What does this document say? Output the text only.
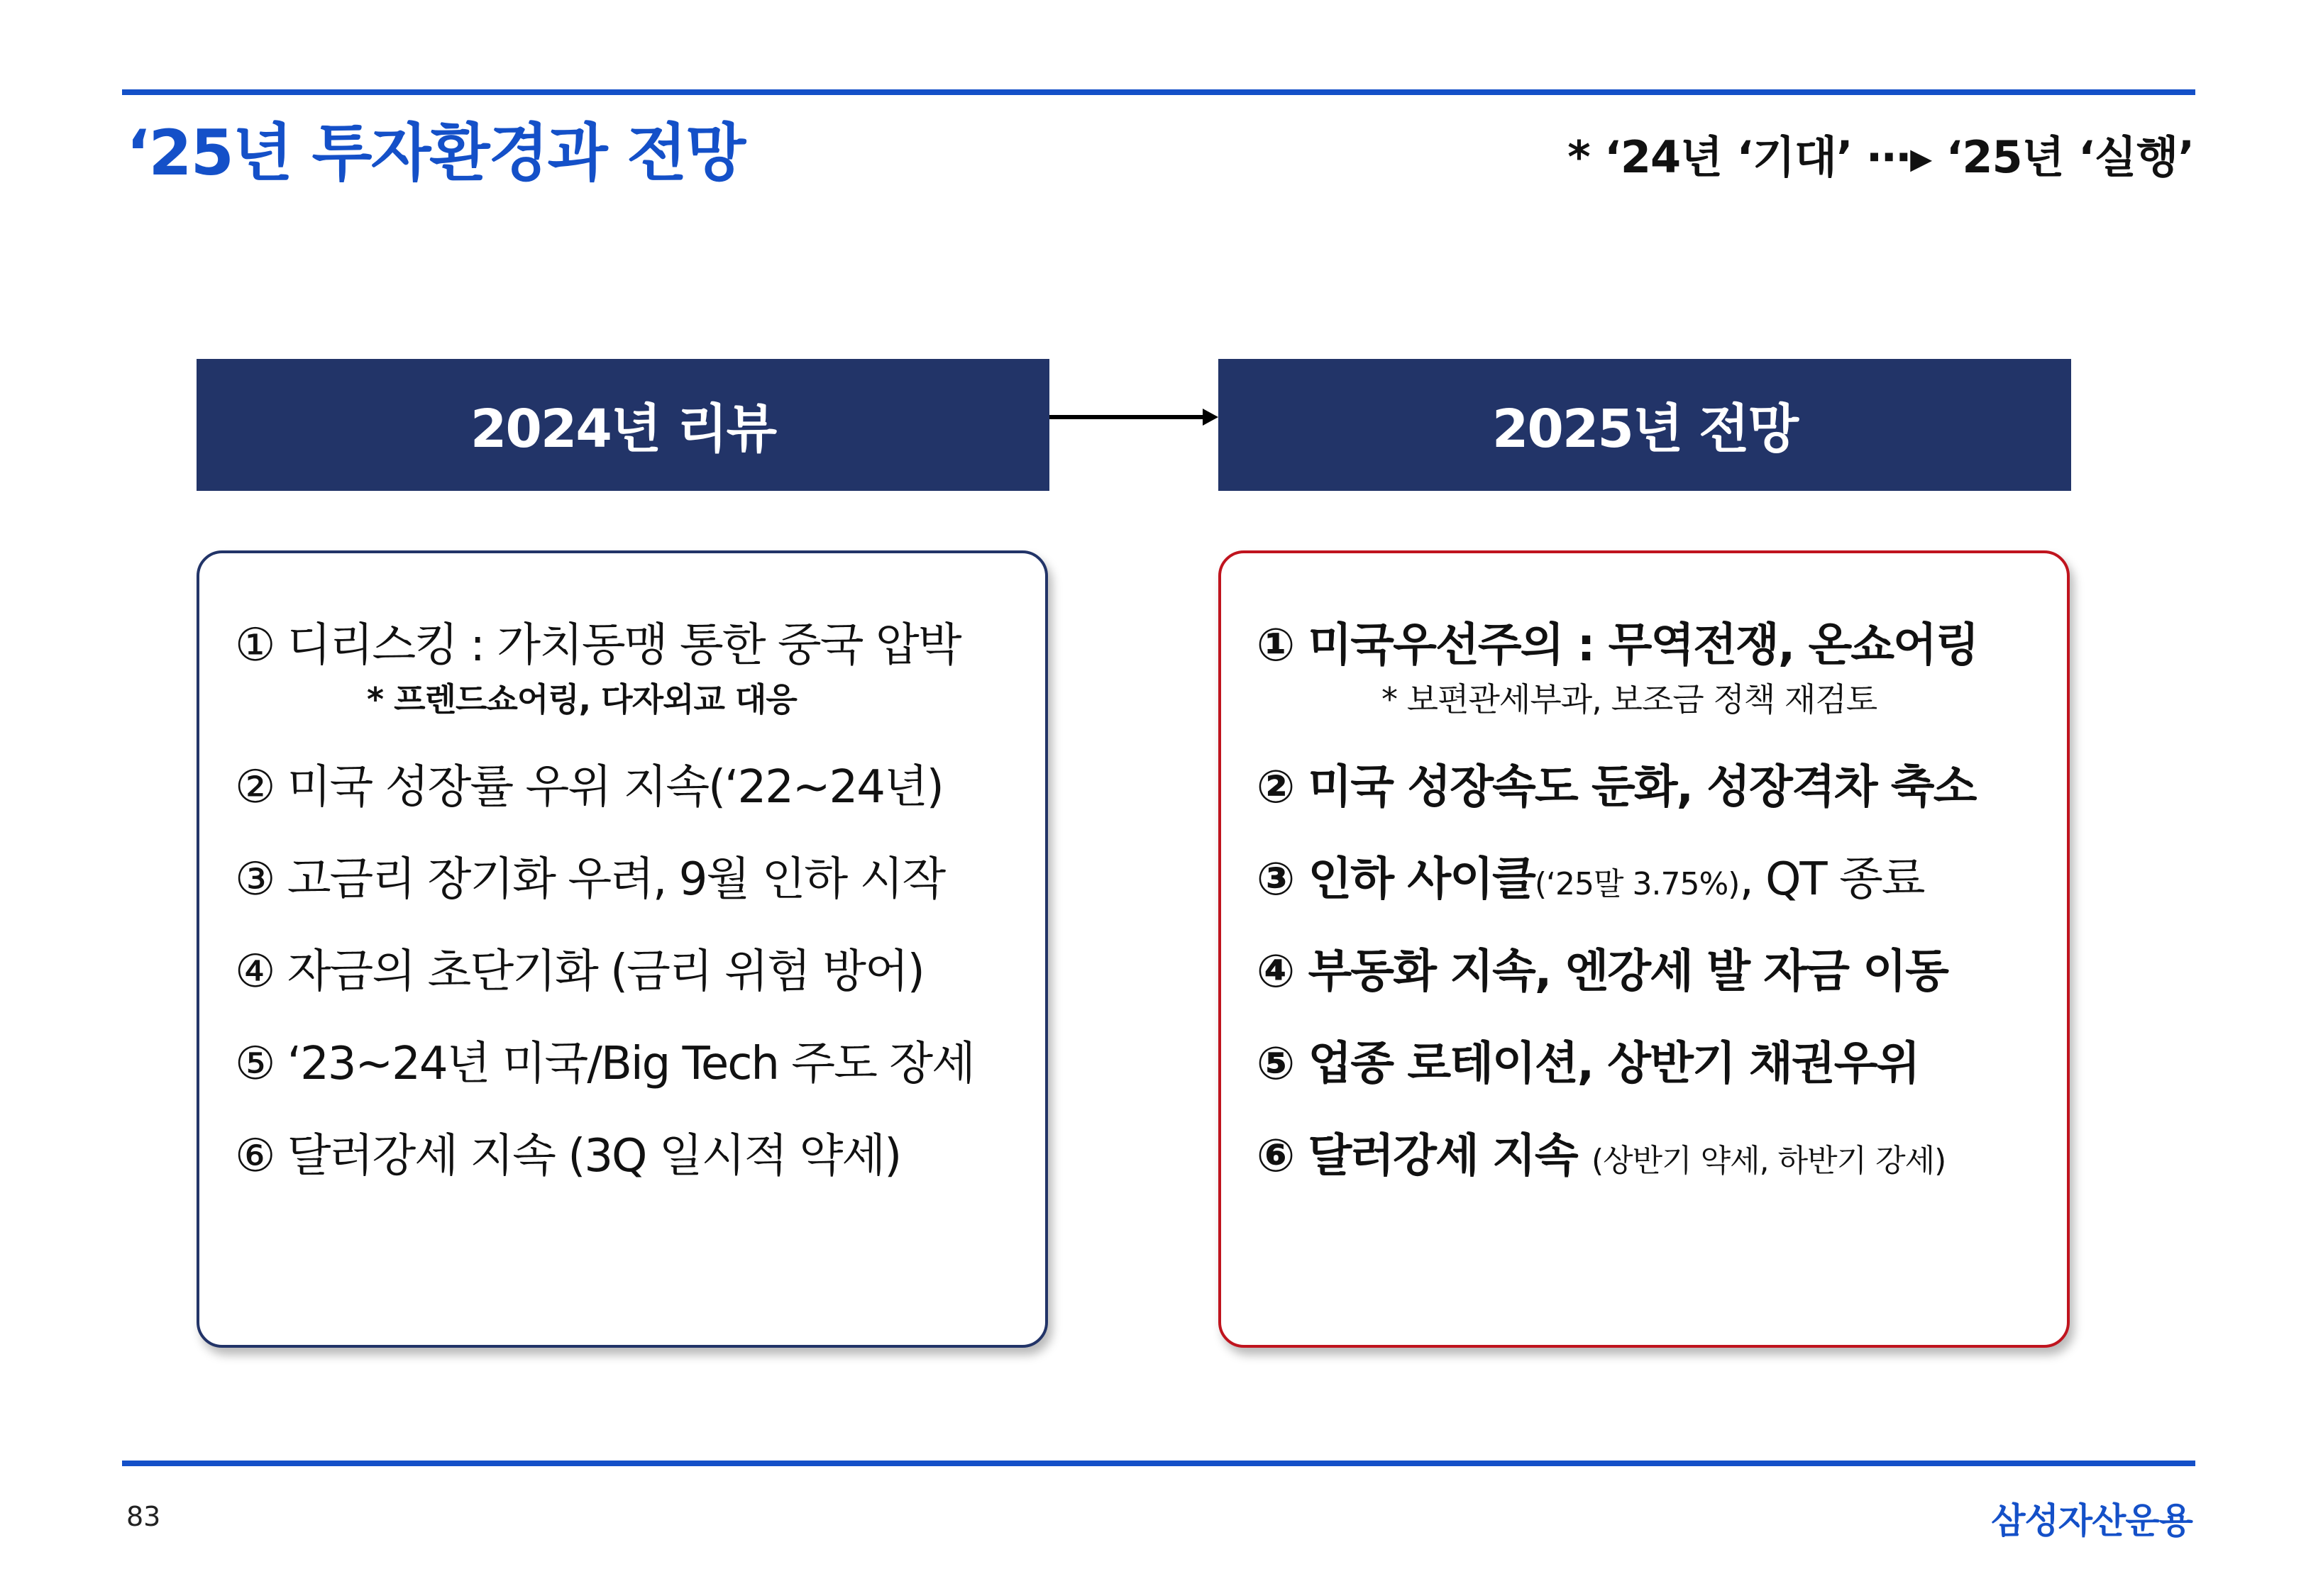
‘25년 투자환경과 전망	* ‘24년 ‘기대’ ⋯▸ ‘25년 ‘실행’
2024년 리뷰	2025년 전망
① 디리스킹 : 가치동맹 통한 중국 압박
* 프렌드쇼어링, 다자외교 대응
② 미국 성장률 우위 지속(‘22~24년)
③ 고금리 장기화 우려, 9월 인하 시작
④ 자금의 초단기화 (금리 위험 방어)
⑤ ‘23~24년 미국/Big Tech 주도 장세
⑥ 달러강세 지속 (3Q 일시적 약세)
① 미국우선주의 : 무역전쟁, 온쇼어링
* 보편관세부과, 보조금 정책 재검토
② 미국 성장속도 둔화, 성장격차 축소
③ 인하 사이클(‘25말 3.75%), QT 종료
④ 부동화 지속, 엔강세 발 자금 이동
⑤ 업종 로테이션, 상반기 채권우위
⑥ 달러강세 지속 (상반기 약세, 하반기 강세)
83	삼성자산운용
